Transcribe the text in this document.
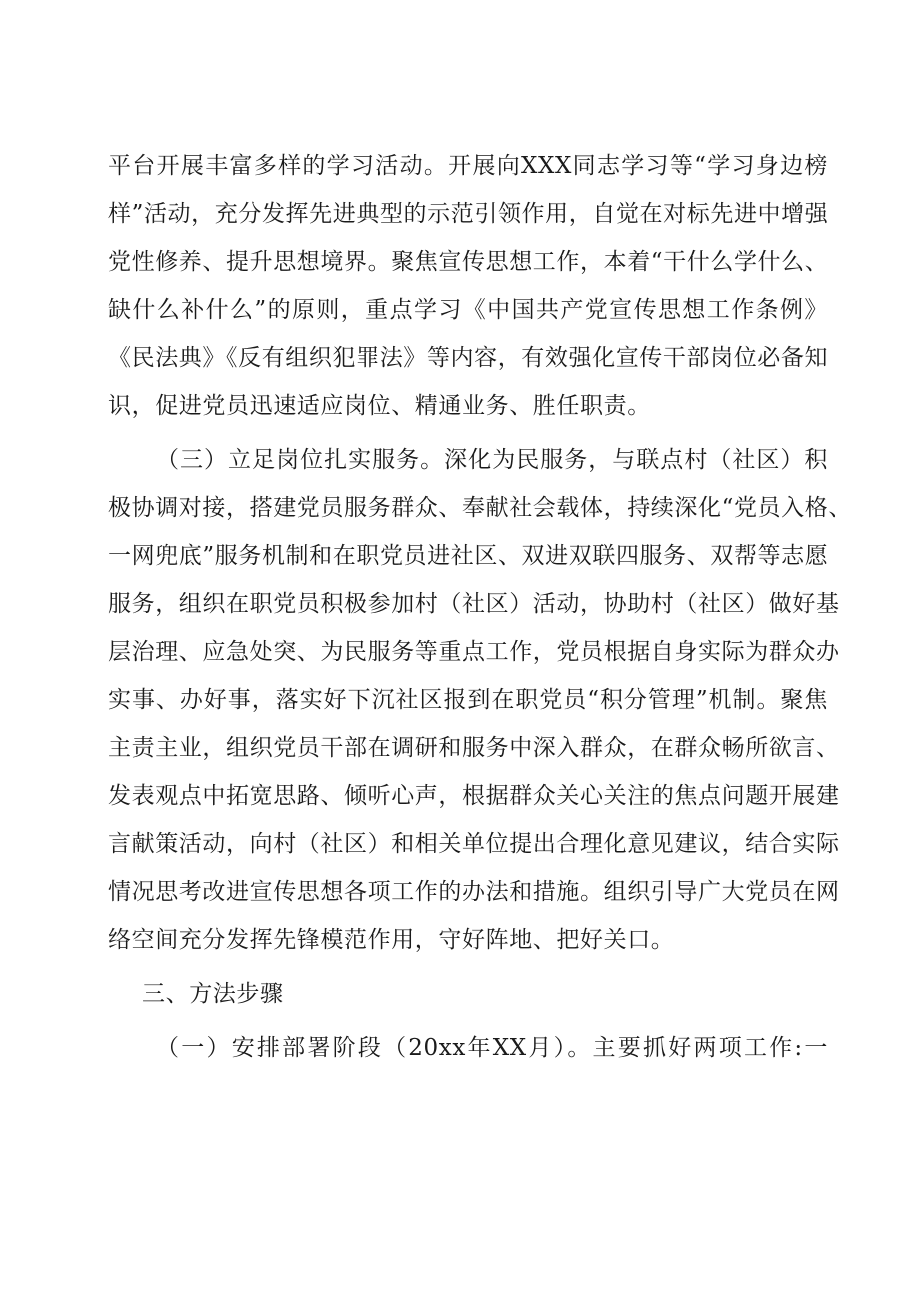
平台开展丰富多样的学习活动。开展向XXX同志学习等“学习身边榜
样”活动，充分发挥先进典型的示范引领作用，自觉在对标先进中增强
党性修养、提升思想境界。聚焦宣传思想工作，本着“干什么学什么、
缺什么补什么”的原则，重点学习《中国共产党宣传思想工作条例》
《民法典》《反有组织犯罪法》等内容，有效强化宣传干部岗位必备知
识，促进党员迅速适应岗位、精通业务、胜任职责。
（三）立足岗位扎实服务。深化为民服务，与联点村（社区）积
极协调对接，搭建党员服务群众、奉献社会载体，持续深化“党员入格、
一网兜底”服务机制和在职党员进社区、双进双联四服务、双帮等志愿
服务，组织在职党员积极参加村（社区）活动，协助村（社区）做好基
层治理、应急处突、为民服务等重点工作，党员根据自身实际为群众办
实事、办好事，落实好下沉社区报到在职党员“积分管理”机制。聚焦
主责主业，组织党员干部在调研和服务中深入群众，在群众畅所欲言、
发表观点中拓宽思路、倾听心声，根据群众关心关注的焦点问题开展建
言献策活动，向村（社区）和相关单位提出合理化意见建议，结合实际
情况思考改进宣传思想各项工作的办法和措施。组织引导广大党员在网
络空间充分发挥先锋模范作用，守好阵地、把好关口。
三、方法步骤
（一）安排部署阶段（20xx年XX月）。主要抓好两项工作:一
